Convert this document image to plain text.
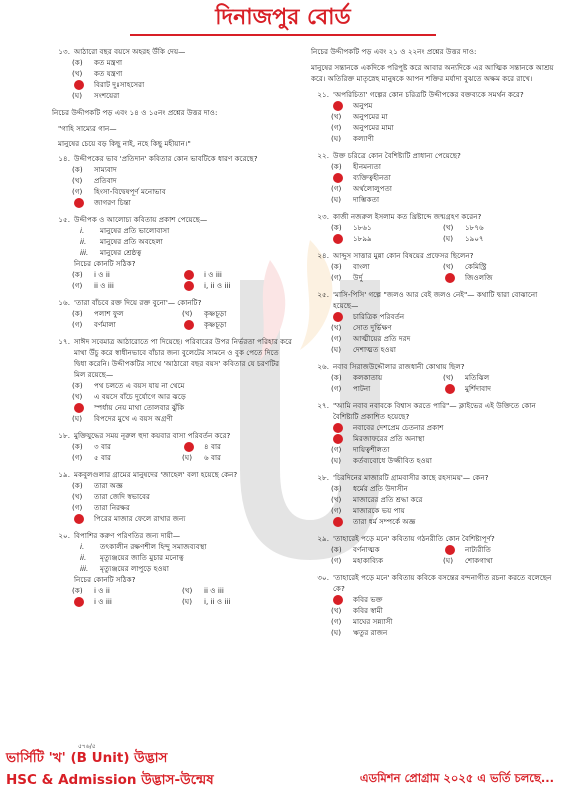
দিনাজপুর বোর্ড
১৩. আঠারো বছর বয়সে অহরহ উঁকি দেয়—
(ক)	কত মন্ত্রণা
(খ)	কত যন্ত্রণা
বিরাট দুঃসাহসেরা
(ঘ)	সংশয়েরা
নিচের উদ্দীপকটি পড় এবং ১৪ ও ১৫নং প্রশ্নের উত্তর দাও:
"গাহি সাম্যের গান—
মানুষের চেয়ে বড় কিছু নাই, নহে কিছু মহীয়ান।"
১৪. উদ্দীপকের ভাব 'প্রতিদান' কবিতার কোন ভাবটিকে ধারণ করেছে?
(ক)	সাম্যবাদ
(খ)	প্রতিবাদ
(গ)	হিংসা-বিদ্বেষপূর্ণ মনোভাব
জাগরণ চিন্তা
১৫. উদ্দীপক ও আলোচ্য কবিতায় প্রকাশ পেয়েছে—
i.	মানুষের প্রতি ভালোবাসা
ii.	মানুষের প্রতি অবহেলা
iii.	মানুষের শ্রেষ্ঠত্ব
নিচের কোনটি সঠিক?
(ক)	i ও ii	i ও iii
(গ)	ii ও iii	i, ii ও iii
১৬. 'তারা বাঁচবে রক্ত দিয়ে রক্ত বুনো'— কোনটি?
(ক)	পলাশ ফুল	(খ)	কৃষ্ণচূড়া
(গ)	বর্ণমালা	কৃষ্ণচূড়া
১৭. সাঈদ সবেমাত্র আঠারোতে পা দিয়েছে। পরিবারের উপর নির্ভরতা পরিহার করে মাথা উঁচু করে স্বাধীনভাবে বাঁচার জন্য বুলেটের সামনে ও বুক পেতে দিতে দ্বিধা করেনি। উদ্দীপকটির সাথে 'আঠারো বছর বয়স' কবিতার যে চরণটির মিল রয়েছে—
(ক)	পথ চলতে এ বয়স যায় না থেমে
(খ)	এ বয়সে বাঁচে দুর্যোগে আর ঝড়ে
স্পর্ধায় নেয় মাথা তোলবার ঝুঁকি
(ঘ)	বিপদের মুখে এ বয়স অগ্রণী
১৮. মুক্তিযুদ্ধের সময় নূরুল হুদা কয়বার বাসা পরিবর্তন করে?
(ক)	৩ বার	৪ বার
(গ)	৫ বার	(ঘ)	৬ বার
১৯. মকবুলগুলার গ্রামের মানুষদের 'জাহেল' বলা হয়েছে কেন?
(ক)	তারা অজ্ঞ
(খ)	তারা জেদি স্বভাবের
(গ)	তারা নিরক্ষর
পিরের মাজার ফেলে রাখার জন্য
২০. বিপাশির করুণ পরিণতির জন্য দায়ী—
i.	তৎকালীন রক্ষণশীল হিন্দু সমাজব্যবস্থা
ii.	মৃত্যুঞ্জয়ের জাতি মুচার মনোত্ব
iii.	মৃত্যুঞ্জয়ের লাপুড়ে হওয়া
নিচের কোনটি সঠিক?
(ক)	i ও ii	(খ)	ii ও iii
i ও iii	(ঘ)	i, ii ও iii
নিচের উদ্দীপকটি পড় এবং ২১ ও ২২নং প্রশ্নের উত্তর দাও:
মানুষের সন্তানকে একদিকে পরিপুষ্ট করে আবার অন্যদিকে এর আত্মিক সন্তানকে আশ্রয় করে। অতিরিক্ত মাতৃস্নেহ মানুষকে আপন শক্তির মর্যাদা বুঝতে অক্ষম করে রাখে।
২১. 'অপরিচিতা' গল্পের কোন চরিত্রটি উদ্দীপকের বক্তব্যকে সমর্থন করে?
অনুপম
(খ)	অনুপমের মা
(গ)	অনুপমের মামা
(ঘ)	কল্যাণী
২২. উক্ত চরিত্রে কোন বৈশিষ্ট্যটি প্রাধান্য পেয়েছে?
(ক)	হীনমন্যতা
ব্যক্তিত্বহীনতা
(গ)	অর্থলোলুপতা
(ঘ)	দাম্ভিকতা
২৩. কাজী নজরুল ইসলাম কত খ্রিষ্টাব্দে জন্মগ্রহণ করেন?
(ক)	১৮৬১	(খ)	১৮৭৬
১৮৯৯	(ঘ)	১৯০৭
২৪. আব্দুস সাত্তার মুন্না কোন বিষয়ের প্রফেসর ছিলেন?
(ক)	বাংলা	(খ)	কেমিস্ট্রি
(গ)	উর্দু	জিওলজি
২৫. 'মাসি-পিসি' গল্পে "জলও আর বেই জলও নেই"— কথাটি দ্বারা বোঝানো হয়েছে—
চারিত্রিক পরিবর্তন
(খ)	সোত দুর্ভিক্ষণ
(গ)	আত্মীয়ের প্রতি দরদ
(ঘ)	দেশাত্মত হওয়া
২৬. নবাব সিরাজউদ্দৌলার রাজধানী কোথায় ছিল?
(ক)	কলকাতায়	(খ)	মতিঝিল
(গ)	পাটনা	মুর্শিদাবাদ
২৭. "আমি নবাব নবাবকে বিশ্বাস করতে পারি"— ক্লাইভের এই উক্তিতে কোন বৈশিষ্ট্যটি প্রকাশিত হয়েছে?
নবাবের দেশপ্রেম চেতনার প্রকাশ
মিরজাফরের প্রতি অনাস্থা
(গ)	দায়িত্বশীলতা
(ঘ)	কর্তব্যবোধে উজ্জীবিত হওয়া
২৮. 'চিরদিনের মাজারটি গ্রামবাসীর কাছে রহস্যময়'— কেন?
(ক)	ধর্মের প্রতি উদাসীন
(খ)	মাজারের প্রতি শ্রদ্ধা করে
(গ)	মাজারকে ভয় পায়
তারা ধর্ম সম্পর্কে অজ্ঞ
২৯. 'তাহারেই পড়ে মনে' কবিতায় গঠনরীতি কোন বৈশিষ্ট্যপূর্ণ?
(ক)	বর্ণনাত্মক	নাট্যরীতি
(গ)	মহাকাব্যিক	(ঘ)	শোকগাথা
৩০. 'তাহারেই পড়ে মনে' কবিতায় কবিকে বসন্তের বন্দনাগীত রচনা করতে বলেছেন কে?
কবির ভক্ত
(খ)	কবির স্বামী
(গ)	মাঘের সন্ন্যাসী
(ঘ)	ঋতুর রাজন
৫৭৬/৫
ভার্সিটি 'খ' (B Unit) উদ্ভাস
HSC & Admission উদ্ভাস-উন্মেষ	এডমিশন প্রোগ্রাম ২০২৫ এ ভর্তি চলছে...
